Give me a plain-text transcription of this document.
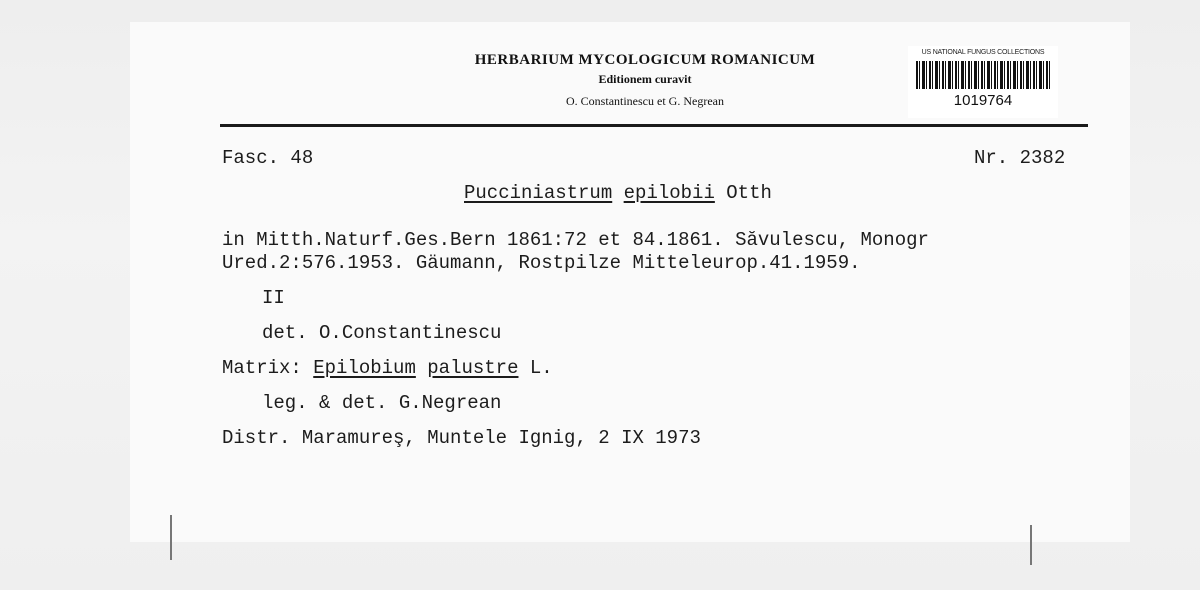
HERBARIUM MYCOLOGICUM ROMANICUM
Editionem curavit
O. Constantinescu et G. Negrean
US NATIONAL FUNGUS COLLECTIONS
1019764
Fasc. 48	Nr. 2382
Pucciniastrum epilobii Otth
in Mitth.Naturf.Ges.Bern 1861:72 et 84.1861. Săvulescu, Monogr
Ured.2:576.1953. Gäumann, Rostpilze Mitteleurop.41.1959.
II
det. O.Constantinescu
Matrix: Epilobium palustre L.
leg. & det. G.Negrean
Distr. Maramureş, Muntele Ignig, 2 IX 1973
